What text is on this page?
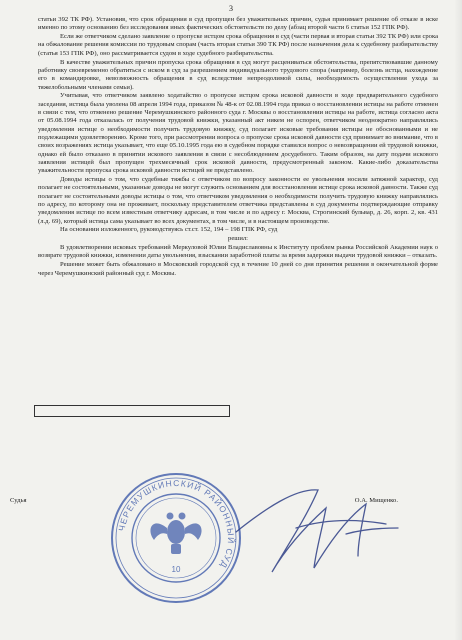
3

статьи 392 ТК РФ). Установив, что срок обращения в суд пропущен без уважительных причин, судья принимает решение об отказе в иске именно по этому основанию без исследования иных фактических обстоятельств по делу (абзац второй части 6 статьи 152 ГПК РФ).

Если же ответчиком сделано заявление о пропуске истцом срока обращения в суд (части первая и вторая статьи 392 ТК РФ) или срока на обжалование решения комиссии по трудовым спорам (часть вторая статьи 390 ТК РФ) после назначения дела к судебному разбирательству (статья 153 ГПК РФ), оно рассматривается судом в ходе судебного разбирательства.

В качестве уважительных причин пропуска срока обращения в суд могут расцениваться обстоятельства, препятствовавшие данному работнику своевременно обратиться с иском в суд за разрешением индивидуального трудового спора (например, болезнь истца, нахождение его в командировке, невозможность обращения в суд вследствие непреодолимой силы, необходимость осуществления ухода за тяжелобольными членами семьи).

Учитывая, что ответчиком заявлено ходатайство о пропуске истцом срока исковой давности в ходе предварительного судебного заседания, истица была уволена 08 апреля 1994 года, приказом № 48-к от 02.08.1994 года приказ о восстановлении истицы на работе отменен в связи с тем, что отменено решение Черемушкинского районного суда г. Москвы о восстановлении истицы на работе, истица согласно акта от 05.08.1994 года отказалась от получения трудовой книжки, указанный акт никем не оспорен, ответчиком неоднократно направлялись уведомления истице о необходимости получить трудовую книжку, суд полагает исковые требования истицы не обоснованными и не подлежащими удовлетворению. Кроме того, при рассмотрении вопроса о пропуске срока исковой давности суд принимает во внимание, что в своих возражениях истица указывает, что еще 05.10.1995 года ею в судебном порядке ставился вопрос о невозвращении ей трудовой книжки, однако ей было отказано в принятии искового заявления в связи с несоблюдением досудебного. Таким образом, на дату подачи искового заявления истицей был пропущен трехмесячный срок исковой давности, предусмотренный законом. Какие-либо доказательства уважительности пропуска срока исковой давности истицей не представлено.

Доводы истицы о том, что судебные тяжбы с ответчиком по вопросу законности ее увольнения носили затяжной характер, суд полагает не состоятельными, указанные доводы не могут служить основанием для восстановления истице срока исковой давности. Также суд полагает не состоятельными доводы истицы о том, что ответчиком уведомления о необходимости получить трудовую книжку направлялись по адресу, по которому она не проживает, поскольку представителем ответчика представлены в суд документы подтверждающие отправку уведомления истице по всем известным ответчику адресам, в том числе и по адресу г. Москва, Строгинский бульвар, д. 26, корп. 2, кв. 431 (л.д. 69), который истица сама указывает во всех документах, в том числе, и в настоящем производстве.

На основании изложенного, руководствуясь ст.ст. 152, 194 – 198 ГПК РФ, суд

решил:

В удовлетворении исковых требований Меркуловой Юлии Владиславовны к Институту проблем рынка Российской Академии наук о возврате трудовой книжки, изменении даты увольнения, взыскании заработной платы за время задержки выдачи трудовой книжки – отказать.

Решение может быть обжаловано в Московский городской суд в течение 10 дней со дня принятия решения в окончательной форме через Черемушкинский районный суд г. Москвы.

Судья	О.А. Мищенко.
ЧЕРЕМУШКИНСКИЙ РАЙОННЫЙ СУД
10
